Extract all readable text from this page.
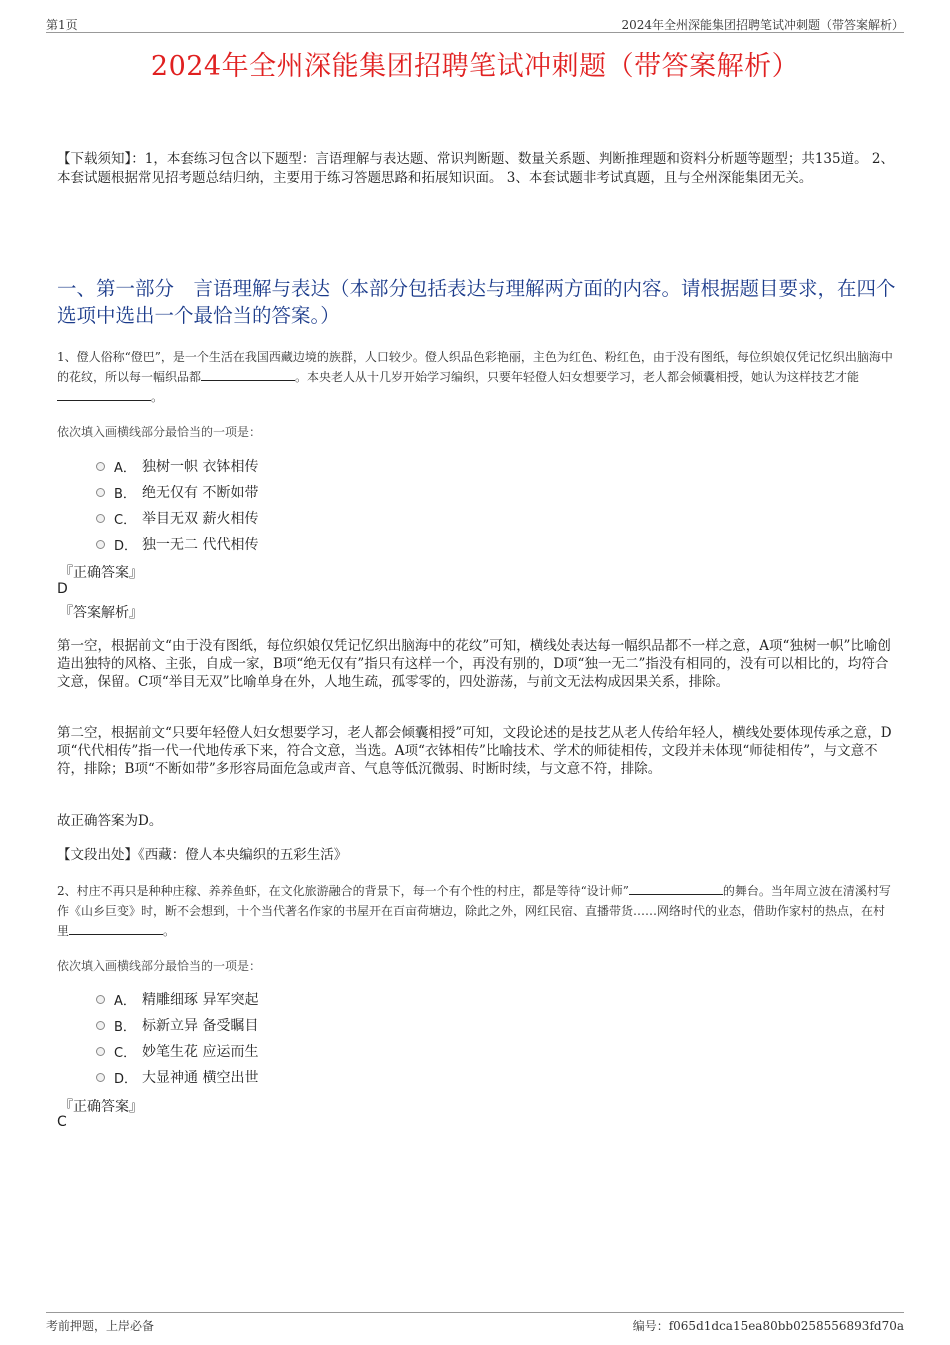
第1页	2024年全州深能集团招聘笔试冲刺题（带答案解析）
2024年全州深能集团招聘笔试冲刺题（带答案解析）
【下载须知】：1，本套练习包含以下题型：言语理解与表达题、常识判断题、数量关系题、判断推理题和资料分析题等题型；共135道。 2、本套试题根据常见招考题总结归纳，主要用于练习答题思路和拓展知识面。 3、本套试题非考试真题，且与全州深能集团无关。
一、第一部分　言语理解与表达（本部分包括表达与理解两方面的内容。请根据题目要求，在四个选项中选出一个最恰当的答案。）
1、僜人俗称“僜巴”，是一个生活在我国西藏边境的族群，人口较少。僜人织品色彩艳丽，主色为红色、粉红色，由于没有图纸，每位织娘仅凭记忆织出脑海中的花纹，所以每一幅织品都	。本央老人从十几岁开始学习编织，只要年轻僜人妇女想要学习，老人都会倾囊相授，她认为这样技艺才能。
依次填入画横线部分最恰当的一项是：
A． 独树一帜 衣钵相传
B． 绝无仅有 不断如带
C． 举目无双 薪火相传
D． 独一无二 代代相传
『正确答案』
D
『答案解析』
第一空，根据前文“由于没有图纸，每位织娘仅凭记忆织出脑海中的花纹”可知，横线处表达每一幅织品都不一样之意，A项“独树一帜”比喻创造出独特的风格、主张，自成一家，B项“绝无仅有”指只有这样一个，再没有别的，D项“独一无二”指没有相同的，没有可以相比的，均符合文意，保留。C项“举目无双”比喻单身在外，人地生疏，孤零零的，四处游荡，与前文无法构成因果关系，排除。
第二空，根据前文“只要年轻僜人妇女想要学习，老人都会倾囊相授”可知，文段论述的是技艺从老人传给年轻人，横线处要体现传承之意，D项“代代相传”指一代一代地传承下来，符合文意，当选。A项“衣钵相传”比喻技术、学术的师徒相传，文段并未体现“师徒相传”，与文意不符，排除；B项“不断如带”多形容局面危急或声音、气息等低沉微弱、时断时续，与文意不符，排除。
故正确答案为D。
【文段出处】《西藏：僜人本央编织的五彩生活》
2、村庄不再只是种种庄稼、养养鱼虾，在文化旅游融合的背景下，每一个有个性的村庄，都是等待“设计师”	的舞台。当年周立波在清溪村写作《山乡巨变》时，断不会想到，十个当代著名作家的书屋开在百亩荷塘边，除此之外，网红民宿、直播带货……网络时代的业态，借助作家村的热点，在村里	。
依次填入画横线部分最恰当的一项是：
A． 精雕细琢 异军突起
B． 标新立异 备受瞩目
C． 妙笔生花 应运而生
D． 大显神通 横空出世
『正确答案』
C
考前押题，上岸必备	编号：f065d1dca15ea80bb0258556893fd70a
